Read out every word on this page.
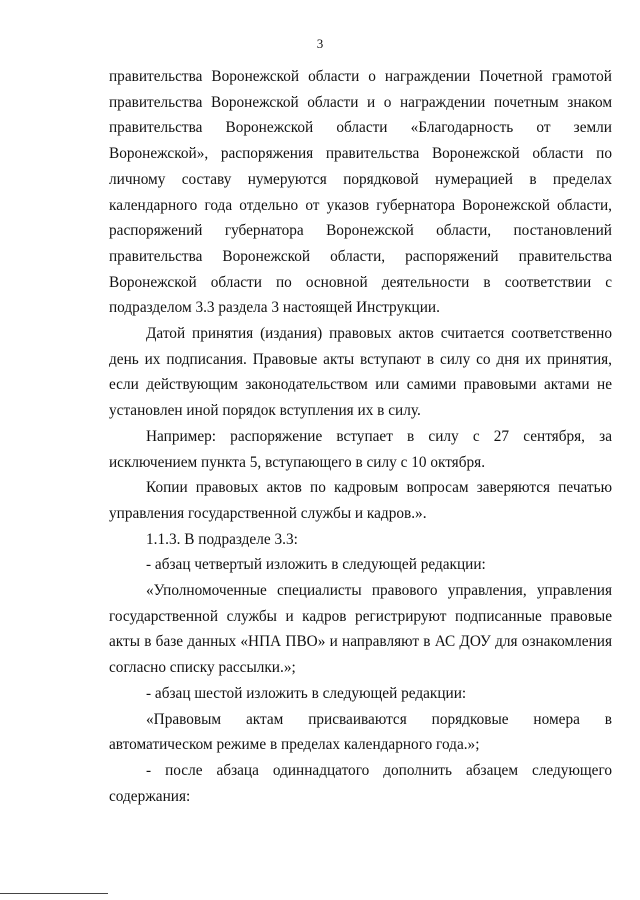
3

правительства Воронежской области о награждении Почетной грамотой правительства Воронежской области и о награждении почетным знаком правительства Воронежской области «Благодарность от земли Воронежской», распоряжения правительства Воронежской области по личному составу нумеруются порядковой нумерацией в пределах календарного года отдельно от указов губернатора Воронежской области, распоряжений губернатора Воронежской области, постановлений правительства Воронежской области, распоряжений правительства Воронежской области по основной деятельности в соответствии с подразделом 3.3 раздела 3 настоящей Инструкции.

Датой принятия (издания) правовых актов считается соответственно день их подписания. Правовые акты вступают в силу со дня их принятия, если действующим законодательством или самими правовыми актами не установлен иной порядок вступления их в силу.

Например: распоряжение вступает в силу с 27 сентября, за исключением пункта 5, вступающего в силу с 10 октября.

Копии правовых актов по кадровым вопросам заверяются печатью управления государственной службы и кадров.».

1.1.3. В подразделе 3.3:

- абзац четвертый изложить в следующей редакции:

«Уполномоченные специалисты правового управления, управления государственной службы и кадров регистрируют подписанные правовые акты в базе данных «НПА ПВО» и направляют в АС ДОУ для ознакомления согласно списку рассылки.»;

- абзац шестой изложить в следующей редакции:

«Правовым актам присваиваются порядковые номера в автоматическом режиме в пределах календарного года.»;

- после абзаца одиннадцатого дополнить абзацем следующего содержания:
